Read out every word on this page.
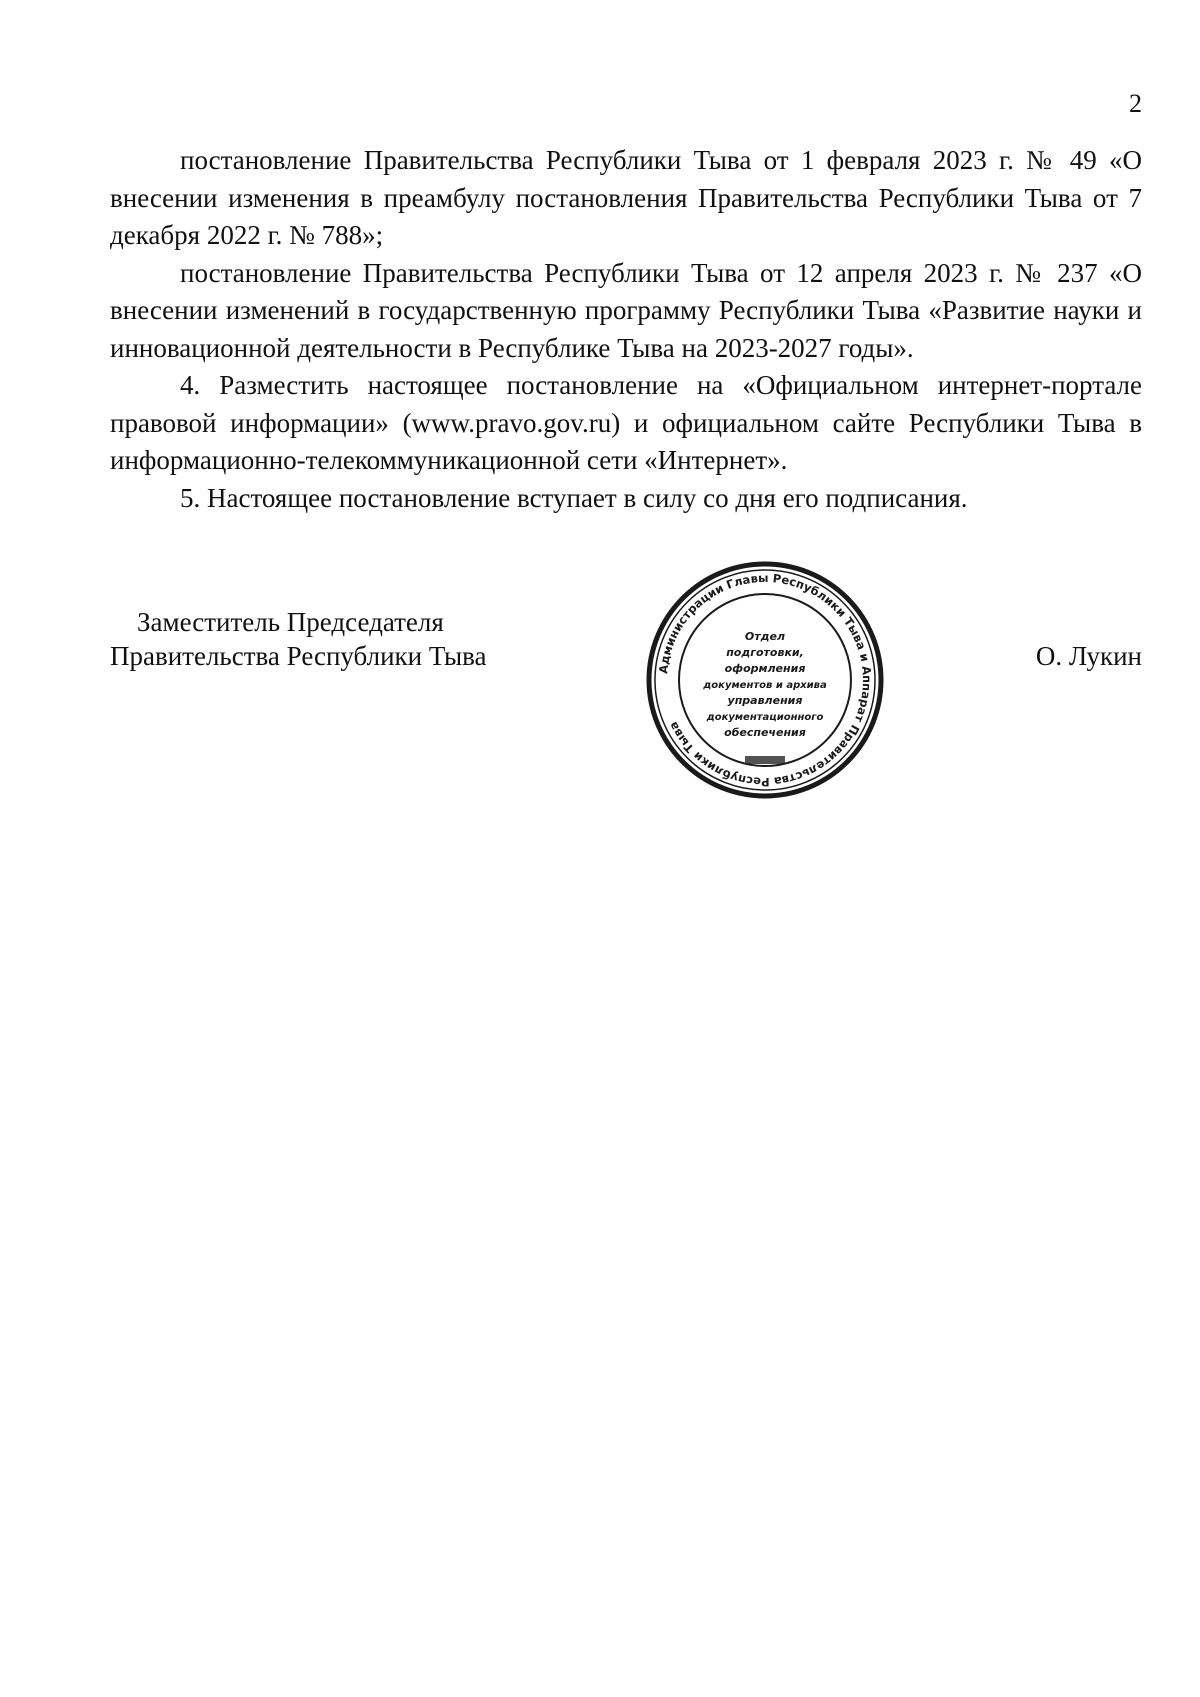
2

постановление Правительства Республики Тыва от 1 февраля 2023 г. № 49 «О внесении изменения в преамбулу постановления Правительства Республики Тыва от 7 декабря 2022 г. № 788»;

постановление Правительства Республики Тыва от 12 апреля 2023 г. № 237 «О внесении изменений в государственную программу Республики Тыва «Развитие науки и инновационной деятельности в Республике Тыва на 2023-2027 годы».

4. Разместить настоящее постановление на «Официальном интернет-портале правовой информации» (www.pravo.gov.ru) и официальном сайте Республики Тыва в информационно-телекоммуникационной сети «Интернет».

5. Настоящее постановление вступает в силу со дня его подписания.

Заместитель Председателя
Правительства Республики Тыва	Администрации Главы Республики Тыва и Аппарат Правительства Республики Тыва
Отдел
подготовки,
оформления
документов и архива
управления
документационного
обеспечения
О. Лукин
